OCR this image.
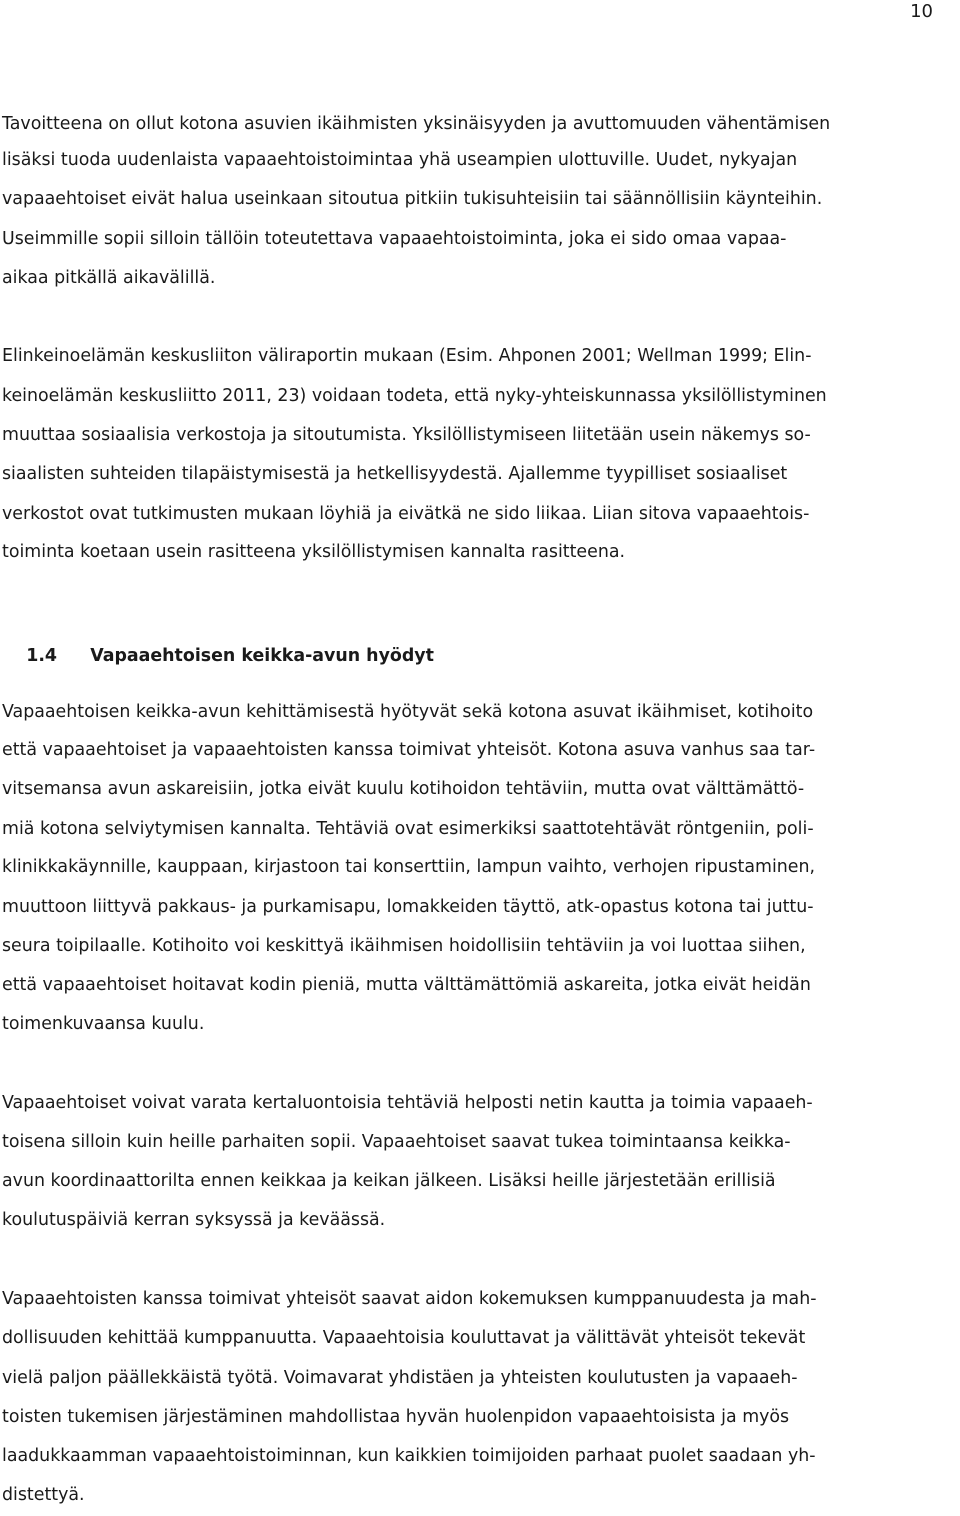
10

Tavoitteena on ollut kotona asuvien ikäihmisten yksinäisyyden ja avuttomuuden vähentämisen

lisäksi tuoda uudenlaista vapaaehtoistoimintaa yhä useampien ulottuville. Uudet, nykyajan

vapaaehtoiset eivät halua useinkaan sitoutua pitkiin tukisuhteisiin tai säännöllisiin käynteihin.

Useimmille sopii silloin tällöin toteutettava vapaaehtoistoiminta, joka ei sido omaa vapaa-

aikaa pitkällä aikavälillä.

Elinkeinoelämän keskusliiton väliraportin mukaan (Esim. Ahponen 2001; Wellman 1999; Elin-

keinoelämän keskusliitto 2011, 23) voidaan todeta, että nyky-yhteiskunnassa yksilöllistyminen

muuttaa sosiaalisia verkostoja ja sitoutumista. Yksilöllistymiseen liitetään usein näkemys so-

siaalisten suhteiden tilapäistymisestä ja hetkellisyydestä. Ajallemme tyypilliset sosiaaliset

verkostot ovat tutkimusten mukaan löyhiä ja eivätkä ne sido liikaa. Liian sitova vapaaehtois-

toiminta koetaan usein rasitteena yksilöllistymisen kannalta rasitteena.

1.4 Vapaaehtoisen keikka-avun hyödyt

Vapaaehtoisen keikka-avun kehittämisestä hyötyvät sekä kotona asuvat ikäihmiset, kotihoito

että vapaaehtoiset ja vapaaehtoisten kanssa toimivat yhteisöt. Kotona asuva vanhus saa tar-

vitsemansa avun askareisiin, jotka eivät kuulu kotihoidon tehtäviin, mutta ovat välttämättö-

miä kotona selviytymisen kannalta. Tehtäviä ovat esimerkiksi saattotehtävät röntgeniin, poli-

klinikkakäynnille, kauppaan, kirjastoon tai konserttiin, lampun vaihto, verhojen ripustaminen,

muuttoon liittyvä pakkaus- ja purkamisapu, lomakkeiden täyttö, atk-opastus kotona tai juttu-

seura toipilaalle. Kotihoito voi keskittyä ikäihmisen hoidollisiin tehtäviin ja voi luottaa siihen,

että vapaaehtoiset hoitavat kodin pieniä, mutta välttämättömiä askareita, jotka eivät heidän

toimenkuvaansa kuulu.

Vapaaehtoiset voivat varata kertaluontoisia tehtäviä helposti netin kautta ja toimia vapaaeh-

toisena silloin kuin heille parhaiten sopii. Vapaaehtoiset saavat tukea toimintaansa keikka-

avun koordinaattorilta ennen keikkaa ja keikan jälkeen. Lisäksi heille järjestetään erillisiä

koulutuspäiviä kerran syksyssä ja keväässä.

Vapaaehtoisten kanssa toimivat yhteisöt saavat aidon kokemuksen kumppanuudesta ja mah-

dollisuuden kehittää kumppanuutta. Vapaaehtoisia kouluttavat ja välittävät yhteisöt tekevät

vielä paljon päällekkäistä työtä. Voimavarat yhdistäen ja yhteisten koulutusten ja vapaaeh-

toisten tukemisen järjestäminen mahdollistaa hyvän huolenpidon vapaaehtoisista ja myös

laadukkaamman vapaaehtoistoiminnan, kun kaikkien toimijoiden parhaat puolet saadaan yh-

distettyä.
